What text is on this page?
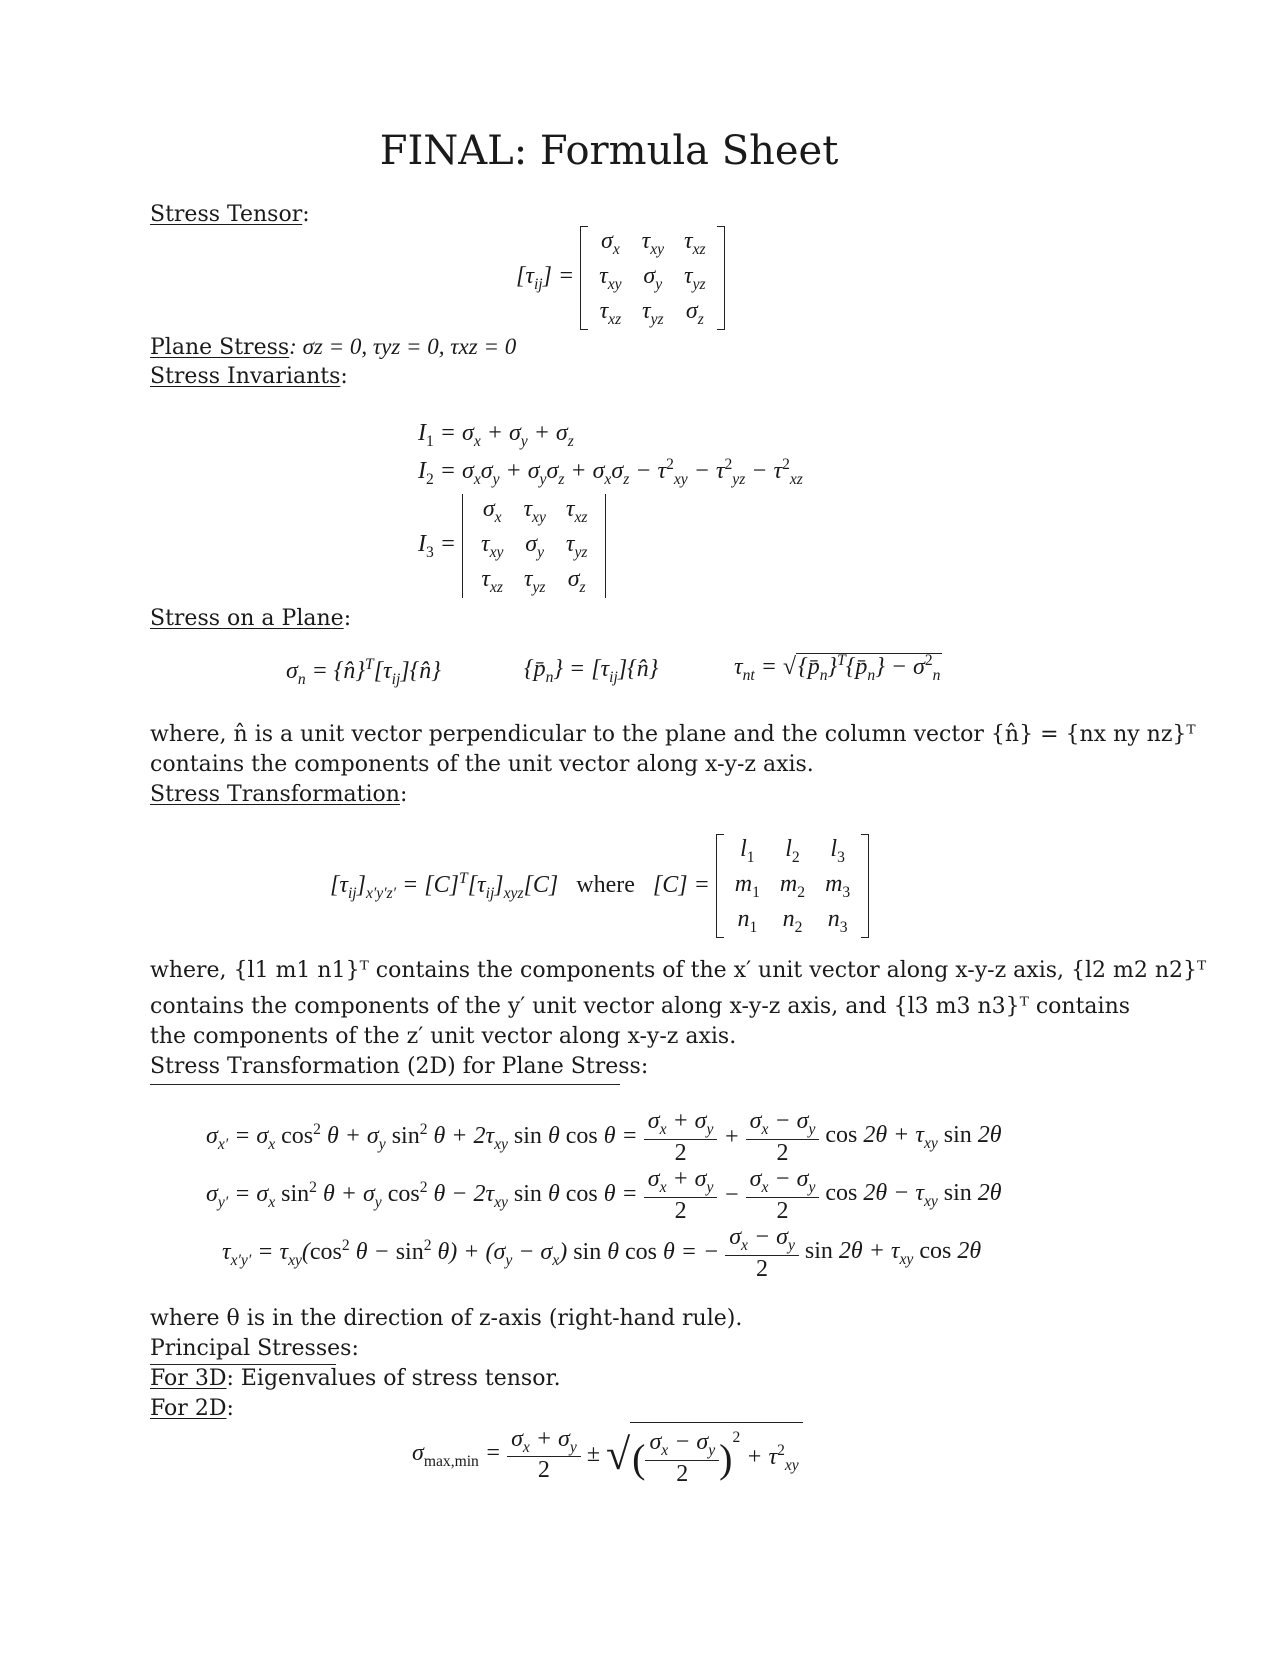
FINAL: Formula Sheet
Stress Tensor:
$[\tau_{ij}]$ =
$\sigma_x$	$\tau_{xy}$	$\tau_{xz}$
$\tau_{xy}$	$\sigma_y$	$\tau_{yz}$
$\tau_{xz}$	$\tau_{yz}$	$\sigma_z$
Plane Stress: σz = 0, τyz = 0, τxz = 0
Stress Invariants:
$I_1 = \sigma_x + \sigma_y + \sigma_z$
$I_2 = \sigma_x\sigma_y + \sigma_y\sigma_z + \sigma_x\sigma_z - \tau^2_{xy} - \tau^2_{yz} - \tau^2_{xz}$
$I_3$ =
$\sigma_x$	$\tau_{xy}$	$\tau_{xz}$
$\tau_{xy}$	$\sigma_y$	$\tau_{yz}$
$\tau_{xz}$	$\tau_{yz}$	$\sigma_z$
Stress on a Plane:
$\sigma_n$ = $\{n̂\}^T[\tau_{ij}]\{n̂\}$	$\{p̄_n\}$ = $[\tau_{ij}]\{n̂\}$	$\tau_{nt}$ = $√\{p̄_n\}^T\{p̄_n\} - \sigma^2_n$
where, n̂ is a unit vector perpendicular to the plane and the column vector {n̂} = {nx ny nz}ᵀ
contains the components of the unit vector along x-y-z axis.
Stress Transformation:
$[\tau_{ij}]_{x'y'z'} = [C]^T[\tau_{ij}]_{xyz}[C]$   where   [C] =
$l_1$	$l_2$	$l_3$
$m_1$	$m_2$	$m_3$
$n_1$	$n_2$	$n_3$
where, {l1 m1 n1}ᵀ contains the components of the x′ unit vector along x-y-z axis, {l2 m2 n2}ᵀ
contains the components of the y′ unit vector along x-y-z axis, and {l3 m3 n3}ᵀ contains
the components of the z′ unit vector along x-y-z axis.
Stress Transformation (2D) for Plane Stress:
$\sigma_{x'} = \sigma_x$ $\cos^2 \theta + \sigma_y$ $\sin^2 \theta + 2\tau_{xy}$ sin θ $\cos \theta = \frac{\sigma_x + \sigma_y}{2} + \frac{\sigma_x - \sigma_y}{2}$ $\cos 2\theta + \tau_{xy}$ sin 2θ
$\sigma_{y'} = \sigma_x$ $\sin^2 \theta + \sigma_y$ $\cos^2 \theta - 2\tau_{xy}$ sin θ $\cos \theta = \frac{\sigma_x + \sigma_y}{2} - \frac{\sigma_x - \sigma_y}{2}$ $\cos 2\theta - \tau_{xy}$ sin 2θ
$\tau_{x'y'} = \tau_{xy}(\cos^2$ $\theta - \sin^2 \theta) + (\sigma_y - \sigma_x)$ sin θ cos θ = − $\frac{\sigma_x - \sigma_y}{2}$ $\sin 2\theta + \tau_{xy}$ cos 2θ
where θ is in the direction of z-axis (right-hand rule).
Principal Stresses:
For 3D: Eigenvalues of stress tensor.
For 2D:
$\sigma_{max,min} = \frac{\sigma_x + \sigma_y}{2}$ ± √( $\frac{\sigma_x - \sigma_y}{2} )^2 + \tau^2_{xy}$
